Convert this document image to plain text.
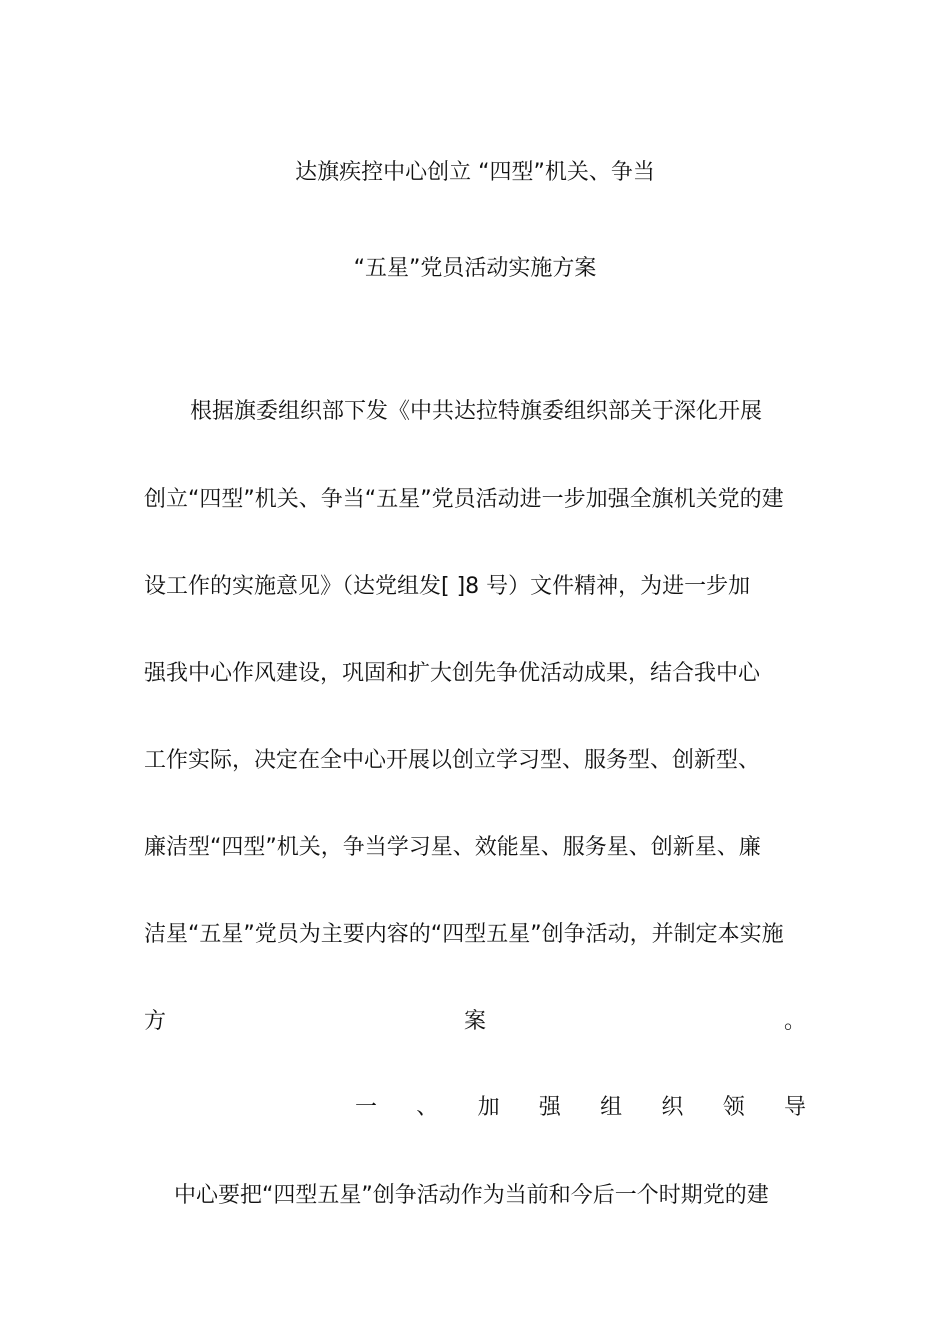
达旗疾控中心创立 “四型”机关、争当
“五星”党员活动实施方案
根据旗委组织部下发《中共达拉特旗委组织部关于深化开展
创立“四型”机关、争当“五星”党员活动进一步加强全旗机关党的建
设工作的实施意见》（达党组发[ ]8 号）文件精神，为进一步加
强我中心作风建设，巩固和扩大创先争优活动成果，结合我中心
工作实际，决定在全中心开展以创立学习型、服务型、创新型、
廉洁型“四型”机关，争当学习星、效能星、服务星、创新星、廉
洁星“五星”党员为主要内容的“四型五星”创争活动，并制定本实施
方	案	。
一 、 加 强 组 织 领 导
中心要把“四型五星”创争活动作为当前和今后一个时期党的建
